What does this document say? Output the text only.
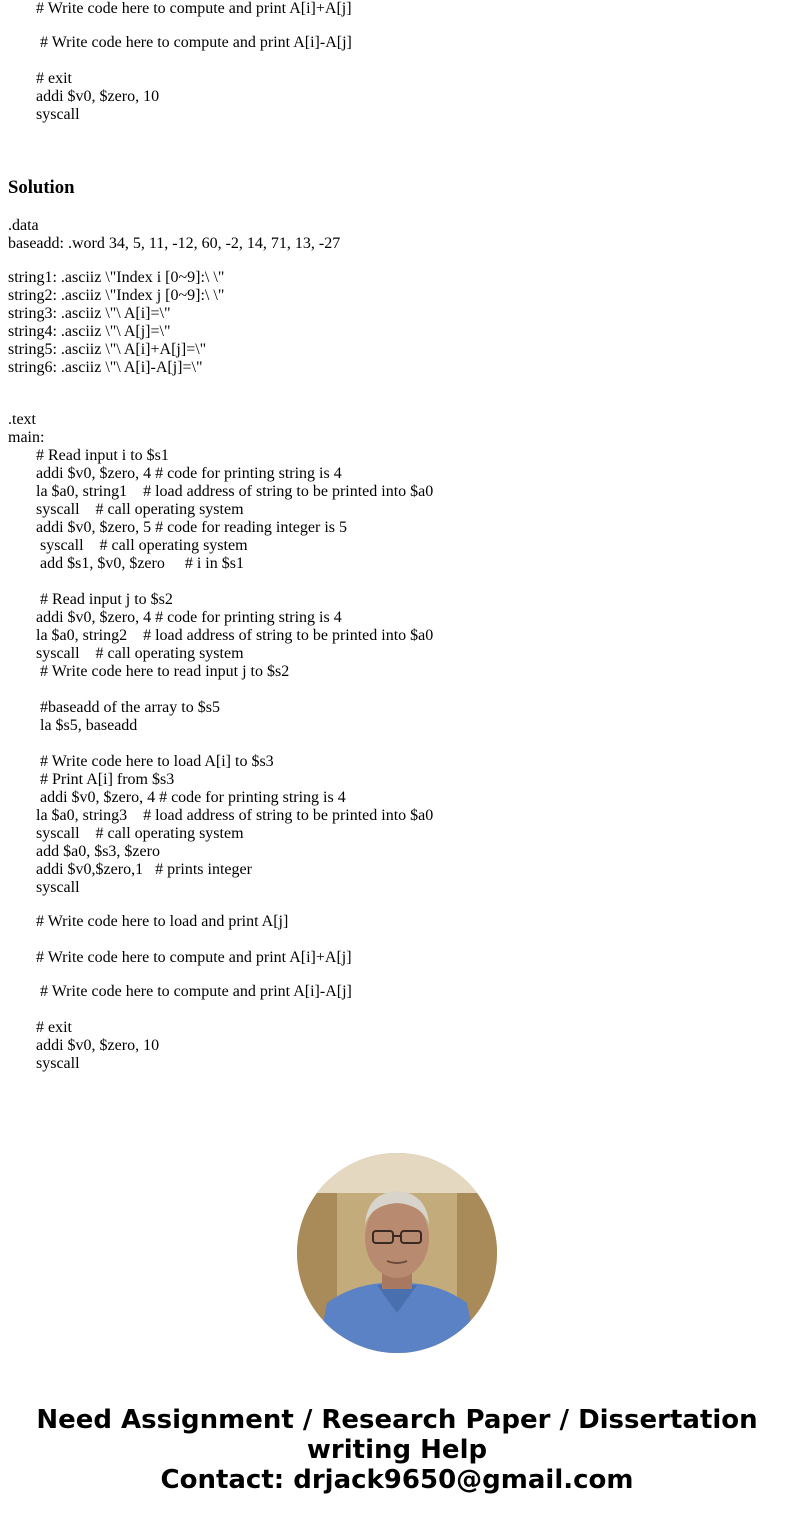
# Write code here to compute and print A[i]+A[j]
# Write code here to compute and print A[i]-A[j]
# exit
addi $v0, $zero, 10
syscall
Solution
.data
baseadd: .word 34, 5, 11, -12, 60, -2, 14, 71, 13, -27
string1: .asciiz \"Index i [0~9]:\ \"
string2: .asciiz \"Index j [0~9]:\ \"
string3: .asciiz \"\ A[i]=\"
string4: .asciiz \"\ A[j]=\"
string5: .asciiz \"\ A[i]+A[j]=\"
string6: .asciiz \"\ A[i]-A[j]=\"
.text
main:
# Read input i to $s1
addi $v0, $zero, 4 # code for printing string is 4
la $a0, string1    # load address of string to be printed into $a0
syscall    # call operating system
addi $v0, $zero, 5 # code for reading integer is 5
syscall    # call operating system
add $s1, $v0, $zero     # i in $s1
# Read input j to $s2
addi $v0, $zero, 4 # code for printing string is 4
la $a0, string2    # load address of string to be printed into $a0
syscall    # call operating system
# Write code here to read input j to $s2
#baseadd of the array to $s5
la $s5, baseadd
# Write code here to load A[i] to $s3
# Print A[i] from $s3
addi $v0, $zero, 4 # code for printing string is 4
la $a0, string3    # load address of string to be printed into $a0
syscall    # call operating system
add $a0, $s3, $zero
addi $v0,$zero,1   # prints integer
syscall
# Write code here to load and print A[j]
# Write code here to compute and print A[i]+A[j]
# Write code here to compute and print A[i]-A[j]
# exit
addi $v0, $zero, 10
syscall
Need Assignment / Research Paper / Dissertation
writing Help
Contact: drjack9650@gmail.com
